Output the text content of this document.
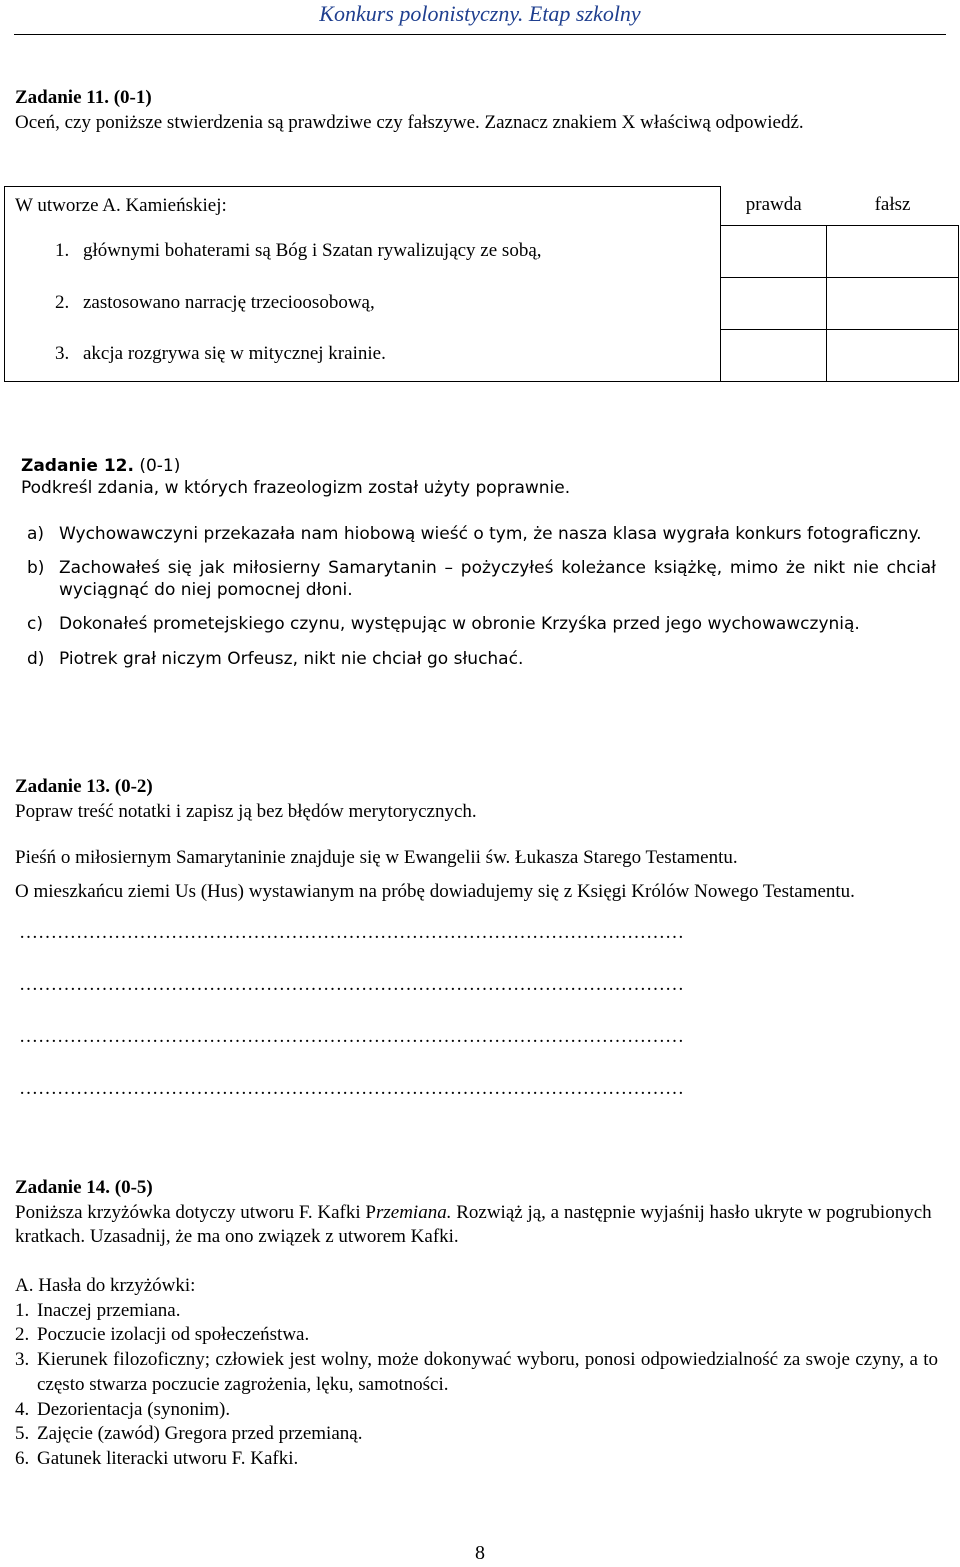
Konkurs polonistyczny. Etap szkolny
Zadanie 11. (0-1)
Oceń, czy poniższe stwierdzenia są prawdziwe czy fałszywe. Zaznacz znakiem X właściwą odpowiedź.
W utworze A. Kamieńskiej:	prawda	fałsz
1. głównymi bohaterami są Bóg i Szatan rywalizujący ze sobą,		
2. zastosowano narrację trzecioosobową,		
3. akcja rozgrywa się w mitycznej krainie.		
Zadanie 12. (0-1)
Podkreśl zdania, w których frazeologizm został użyty poprawnie.
a) Wychowawczyni przekazała nam hiobową wieść o tym, że nasza klasa wygrała konkurs fotograficzny.
b) Zachowałeś się jak miłosierny Samarytanin – pożyczyłeś koleżance książkę, mimo że nikt nie chciał wyciągnąć do niej pomocnej dłoni.
c) Dokonałeś prometejskiego czynu, występując w obronie Krzyśka przed jego wychowawczynią.
d) Piotrek grał niczym Orfeusz, nikt nie chciał go słuchać.
Zadanie 13. (0-2)
Popraw treść notatki i zapisz ją bez błędów merytorycznych.
Pieśń o miłosiernym Samarytaninie znajduje się w Ewangelii św. Łukasza Starego Testamentu.
O mieszkańcu ziemi Us (Hus) wystawianym na próbę dowiadujemy się z Księgi Królów Nowego Testamentu.
……………………………………………………………………………………………
……………………………………………………………………………………………
……………………………………………………………………………………………
……………………………………………………………………………………………
Zadanie 14. (0-5)
Poniższa krzyżówka dotyczy utworu F. Kafki Przemiana. Rozwiąż ją, a następnie wyjaśnij hasło ukryte w pogrubionych kratkach. Uzasadnij, że ma ono związek z utworem Kafki.
A. Hasła do krzyżówki:
1. Inaczej przemiana.
2. Poczucie izolacji od społeczeństwa.
3. Kierunek filozoficzny; człowiek jest wolny, może dokonywać wyboru, ponosi odpowiedzialność za swoje czyny, a to często stwarza poczucie zagrożenia, lęku, samotności.
4. Dezorientacja (synonim).
5. Zajęcie (zawód) Gregora przed przemianą.
6. Gatunek literacki utworu F. Kafki.
8
